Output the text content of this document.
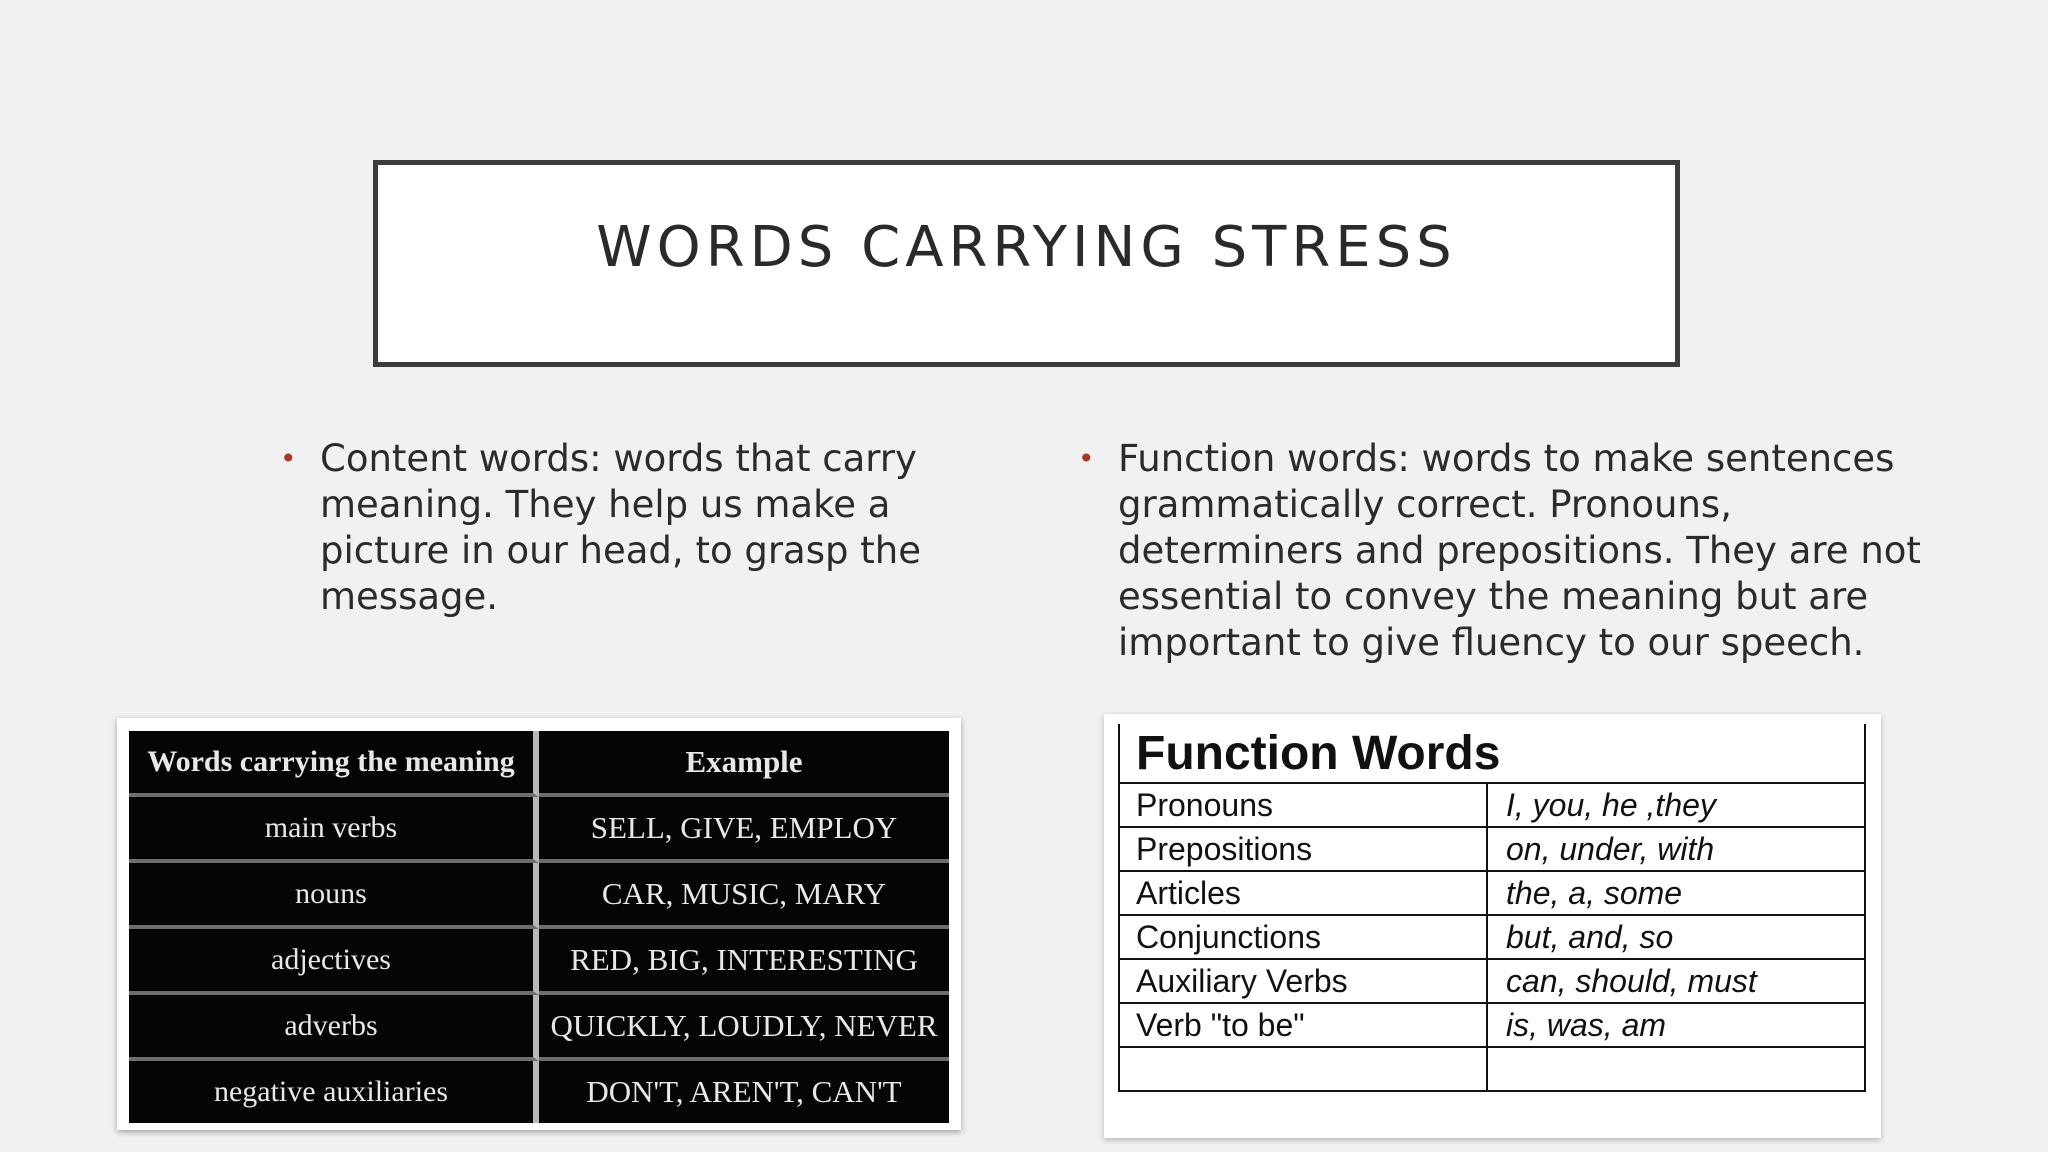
WORDS CARRYING STRESS
• Content words: words that carry meaning. They help us make a picture in our head, to grasp the message.
• Function words: words to make sentences grammatically correct. Pronouns, determiners and prepositions. They are not essential to convey the meaning but are important to give fluency to our speech.
Words carrying the meaning	Example
main verbs	SELL, GIVE, EMPLOY
nouns	CAR, MUSIC, MARY
adjectives	RED, BIG, INTERESTING
adverbs	QUICKLY, LOUDLY, NEVER
negative auxiliaries	DON'T, AREN'T, CAN'T
Function Words	
Pronouns	I, you, he ,they
Prepositions	on, under, with
Articles	the, a, some
Conjunctions	but, and, so
Auxiliary Verbs	can, should, must
Verb "to be"	is, was, am
